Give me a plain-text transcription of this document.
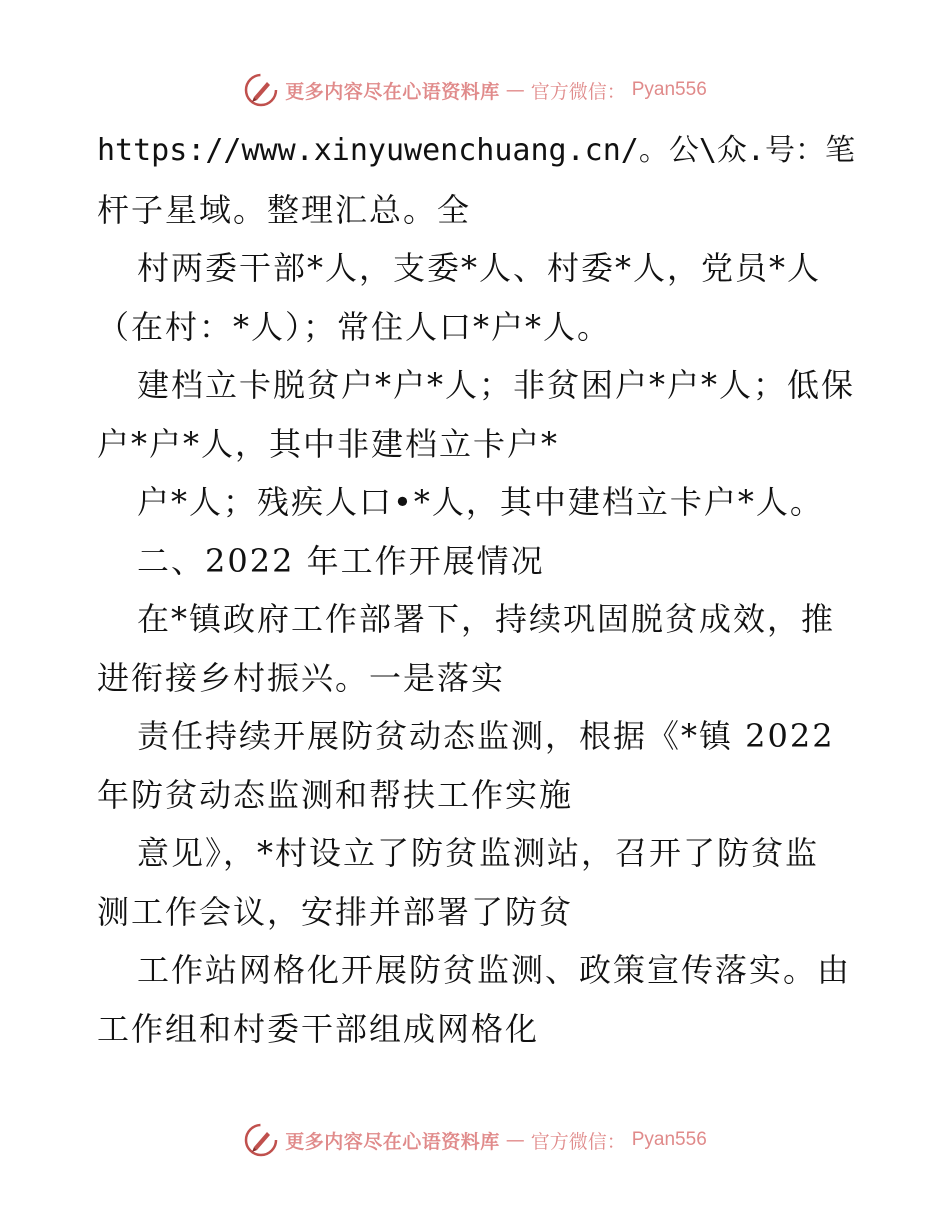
更多内容尽在心语资料库 — 官方微信： Pyan556
https://www.xinyuwenchuang.cn/。公\众.号：笔
杆子星域。整理汇总。全
村两委干部*人，支委*人、村委*人，党员*人
（在村：*人）；常住人口*户*人。
建档立卡脱贫户*户*人；非贫困户*户*人；低保
户*户*人，其中非建档立卡户*
户*人；残疾人口•*人，其中建档立卡户*人。
二、2022 年工作开展情况
在*镇政府工作部署下，持续巩固脱贫成效，推
进衔接乡村振兴。一是落实
责任持续开展防贫动态监测，根据《*镇 2022
年防贫动态监测和帮扶工作实施
意见》，*村设立了防贫监测站，召开了防贫监
测工作会议，安排并部署了防贫
工作站网格化开展防贫监测、政策宣传落实。由
工作组和村委干部组成网格化
更多内容尽在心语资料库 — 官方微信： Pyan556
